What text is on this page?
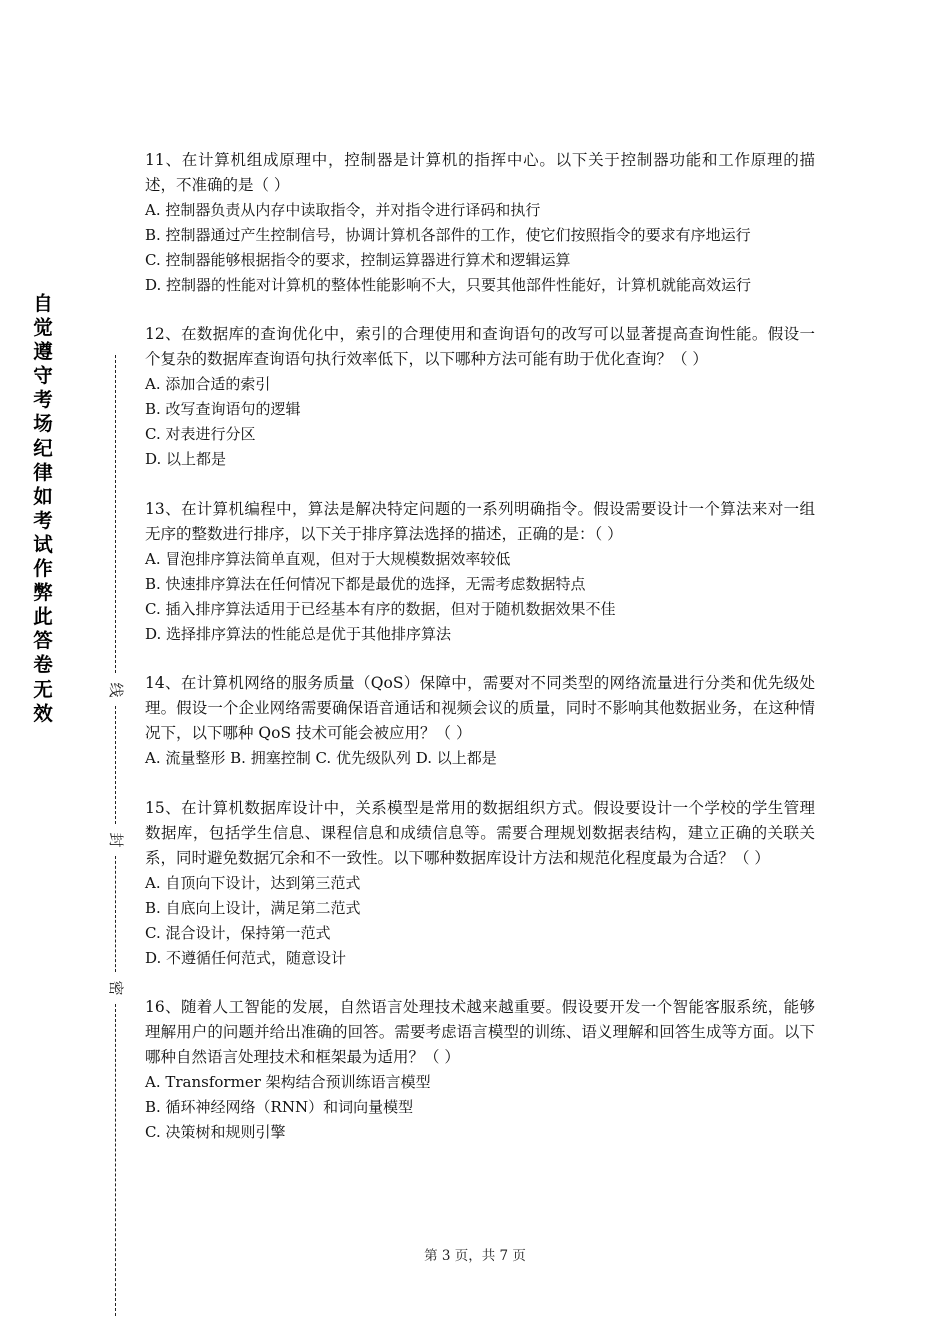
自觉遵守考场纪律如考试作弊此答卷无效
线
封
密

11、在计算机组成原理中，控制器是计算机的指挥中心。以下关于控制器功能和工作原理的描述，不准确的是（ ）

A. 控制器负责从内存中读取指令，并对指令进行译码和执行

B. 控制器通过产生控制信号，协调计算机各部件的工作，使它们按照指令的要求有序地运行

C. 控制器能够根据指令的要求，控制运算器进行算术和逻辑运算

D. 控制器的性能对计算机的整体性能影响不大，只要其他部件性能好，计算机就能高效运行

12、在数据库的查询优化中，索引的合理使用和查询语句的改写可以显著提高查询性能。假设一个复杂的数据库查询语句执行效率低下，以下哪种方法可能有助于优化查询？（ ）

A. 添加合适的索引

B. 改写查询语句的逻辑

C. 对表进行分区

D. 以上都是

13、在计算机编程中，算法是解决特定问题的一系列明确指令。假设需要设计一个算法来对一组无序的整数进行排序，以下关于排序算法选择的描述，正确的是：（ ）

A. 冒泡排序算法简单直观，但对于大规模数据效率较低

B. 快速排序算法在任何情况下都是最优的选择，无需考虑数据特点

C. 插入排序算法适用于已经基本有序的数据，但对于随机数据效果不佳

D. 选择排序算法的性能总是优于其他排序算法

14、在计算机网络的服务质量（QoS）保障中，需要对不同类型的网络流量进行分类和优先级处理。假设一个企业网络需要确保语音通话和视频会议的质量，同时不影响其他数据业务，在这种情况下，以下哪种 QoS 技术可能会被应用？（ ）

A. 流量整形 B. 拥塞控制 C. 优先级队列 D. 以上都是

15、在计算机数据库设计中，关系模型是常用的数据组织方式。假设要设计一个学校的学生管理数据库，包括学生信息、课程信息和成绩信息等。需要合理规划数据表结构，建立正确的关联关系，同时避免数据冗余和不一致性。以下哪种数据库设计方法和规范化程度最为合适？（ ）

A. 自顶向下设计，达到第三范式

B. 自底向上设计，满足第二范式

C. 混合设计，保持第一范式

D. 不遵循任何范式，随意设计

16、随着人工智能的发展，自然语言处理技术越来越重要。假设要开发一个智能客服系统，能够理解用户的问题并给出准确的回答。需要考虑语言模型的训练、语义理解和回答生成等方面。以下哪种自然语言处理技术和框架最为适用？（ ）

A. Transformer 架构结合预训练语言模型

B. 循环神经网络（RNN）和词向量模型

C. 决策树和规则引擎

第 3 页，共 7 页
